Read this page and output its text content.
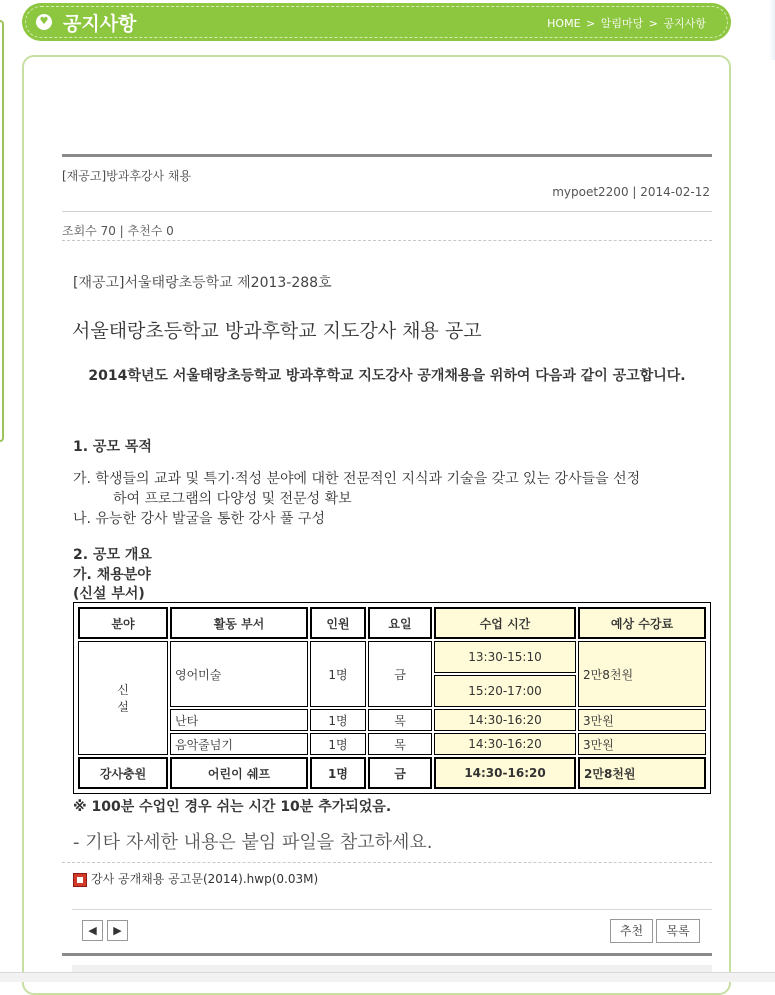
♥ 공지사항	HOME > 알림마당 > 공지사항
[재공고]방과후강사 채용
mypoet2200 | 2014-02-12
조회수 70 | 추천수 0
[재공고]서울태랑초등학교 제2013-288호
서울태랑초등학교 방과후학교 지도강사 채용 공고
2014학년도 서울태랑초등학교 방과후학교 지도강사 공개채용을 위하여 다음과 같이 공고합니다.
1. 공모 목적
가. 학생들의 교과 및 특기·적성 분야에 대한 전문적인 지식과 기술을 갖고 있는 강사들을 선정
하여 프로그램의 다양성 및 전문성 확보
나. 유능한 강사 발굴을 통한 강사 풀 구성
2. 공모 개요
가. 채용분야
(신설 부서)
분야	활동 부서	인원	요일	수업 시간	예상 수강료
신
설	영어미술	1명	금	13:30-15:10	2만8천원
				15:20-17:00	
	난타	1명	목	14:30-16:20	3만원
	음악줄넘기	1명	목	14:30-16:20	3만원
강사충원	어린이 쉐프	1명	금	14:30-16:20	2만8천원
※ 100분 수업인 경우 쉬는 시간 10분 추가되었음.
- 기타 자세한 내용은 붙임 파일을 참고하세요.
강사 공개채용 공고문(2014).hwp(0.03M)
◀	▶	추천	목록
